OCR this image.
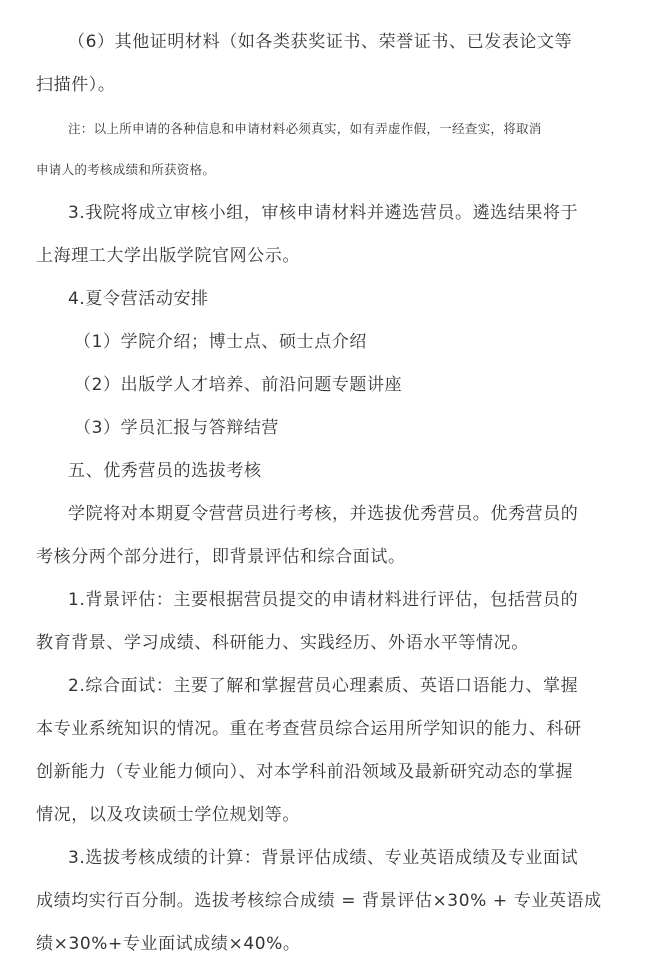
（6）其他证明材料（如各类获奖证书、荣誉证书、已发表论文等
扫描件）。
注：以上所申请的各种信息和申请材料必须真实，如有弄虚作假，一经查实，将取消
申请人的考核成绩和所获资格。
3.我院将成立审核小组，审核申请材料并遴选营员。遴选结果将于
上海理工大学出版学院官网公示。
4.夏令营活动安排
（1）学院介绍；博士点、硕士点介绍
（2）出版学人才培养、前沿问题专题讲座
（3）学员汇报与答辩结营
五、优秀营员的选拔考核
学院将对本期夏令营营员进行考核，并选拔优秀营员。优秀营员的
考核分两个部分进行，即背景评估和综合面试。
1.背景评估：主要根据营员提交的申请材料进行评估，包括营员的
教育背景、学习成绩、科研能力、实践经历、外语水平等情况。
2.综合面试：主要了解和掌握营员心理素质、英语口语能力、掌握
本专业系统知识的情况。重在考查营员综合运用所学知识的能力、科研
创新能力（专业能力倾向）、对本学科前沿领域及最新研究动态的掌握
情况，以及攻读硕士学位规划等。
3.选拔考核成绩的计算：背景评估成绩、专业英语成绩及专业面试
成绩均实行百分制。选拔考核综合成绩 = 背景评估×30% + 专业英语成
绩×30%+专业面试成绩×40%。
